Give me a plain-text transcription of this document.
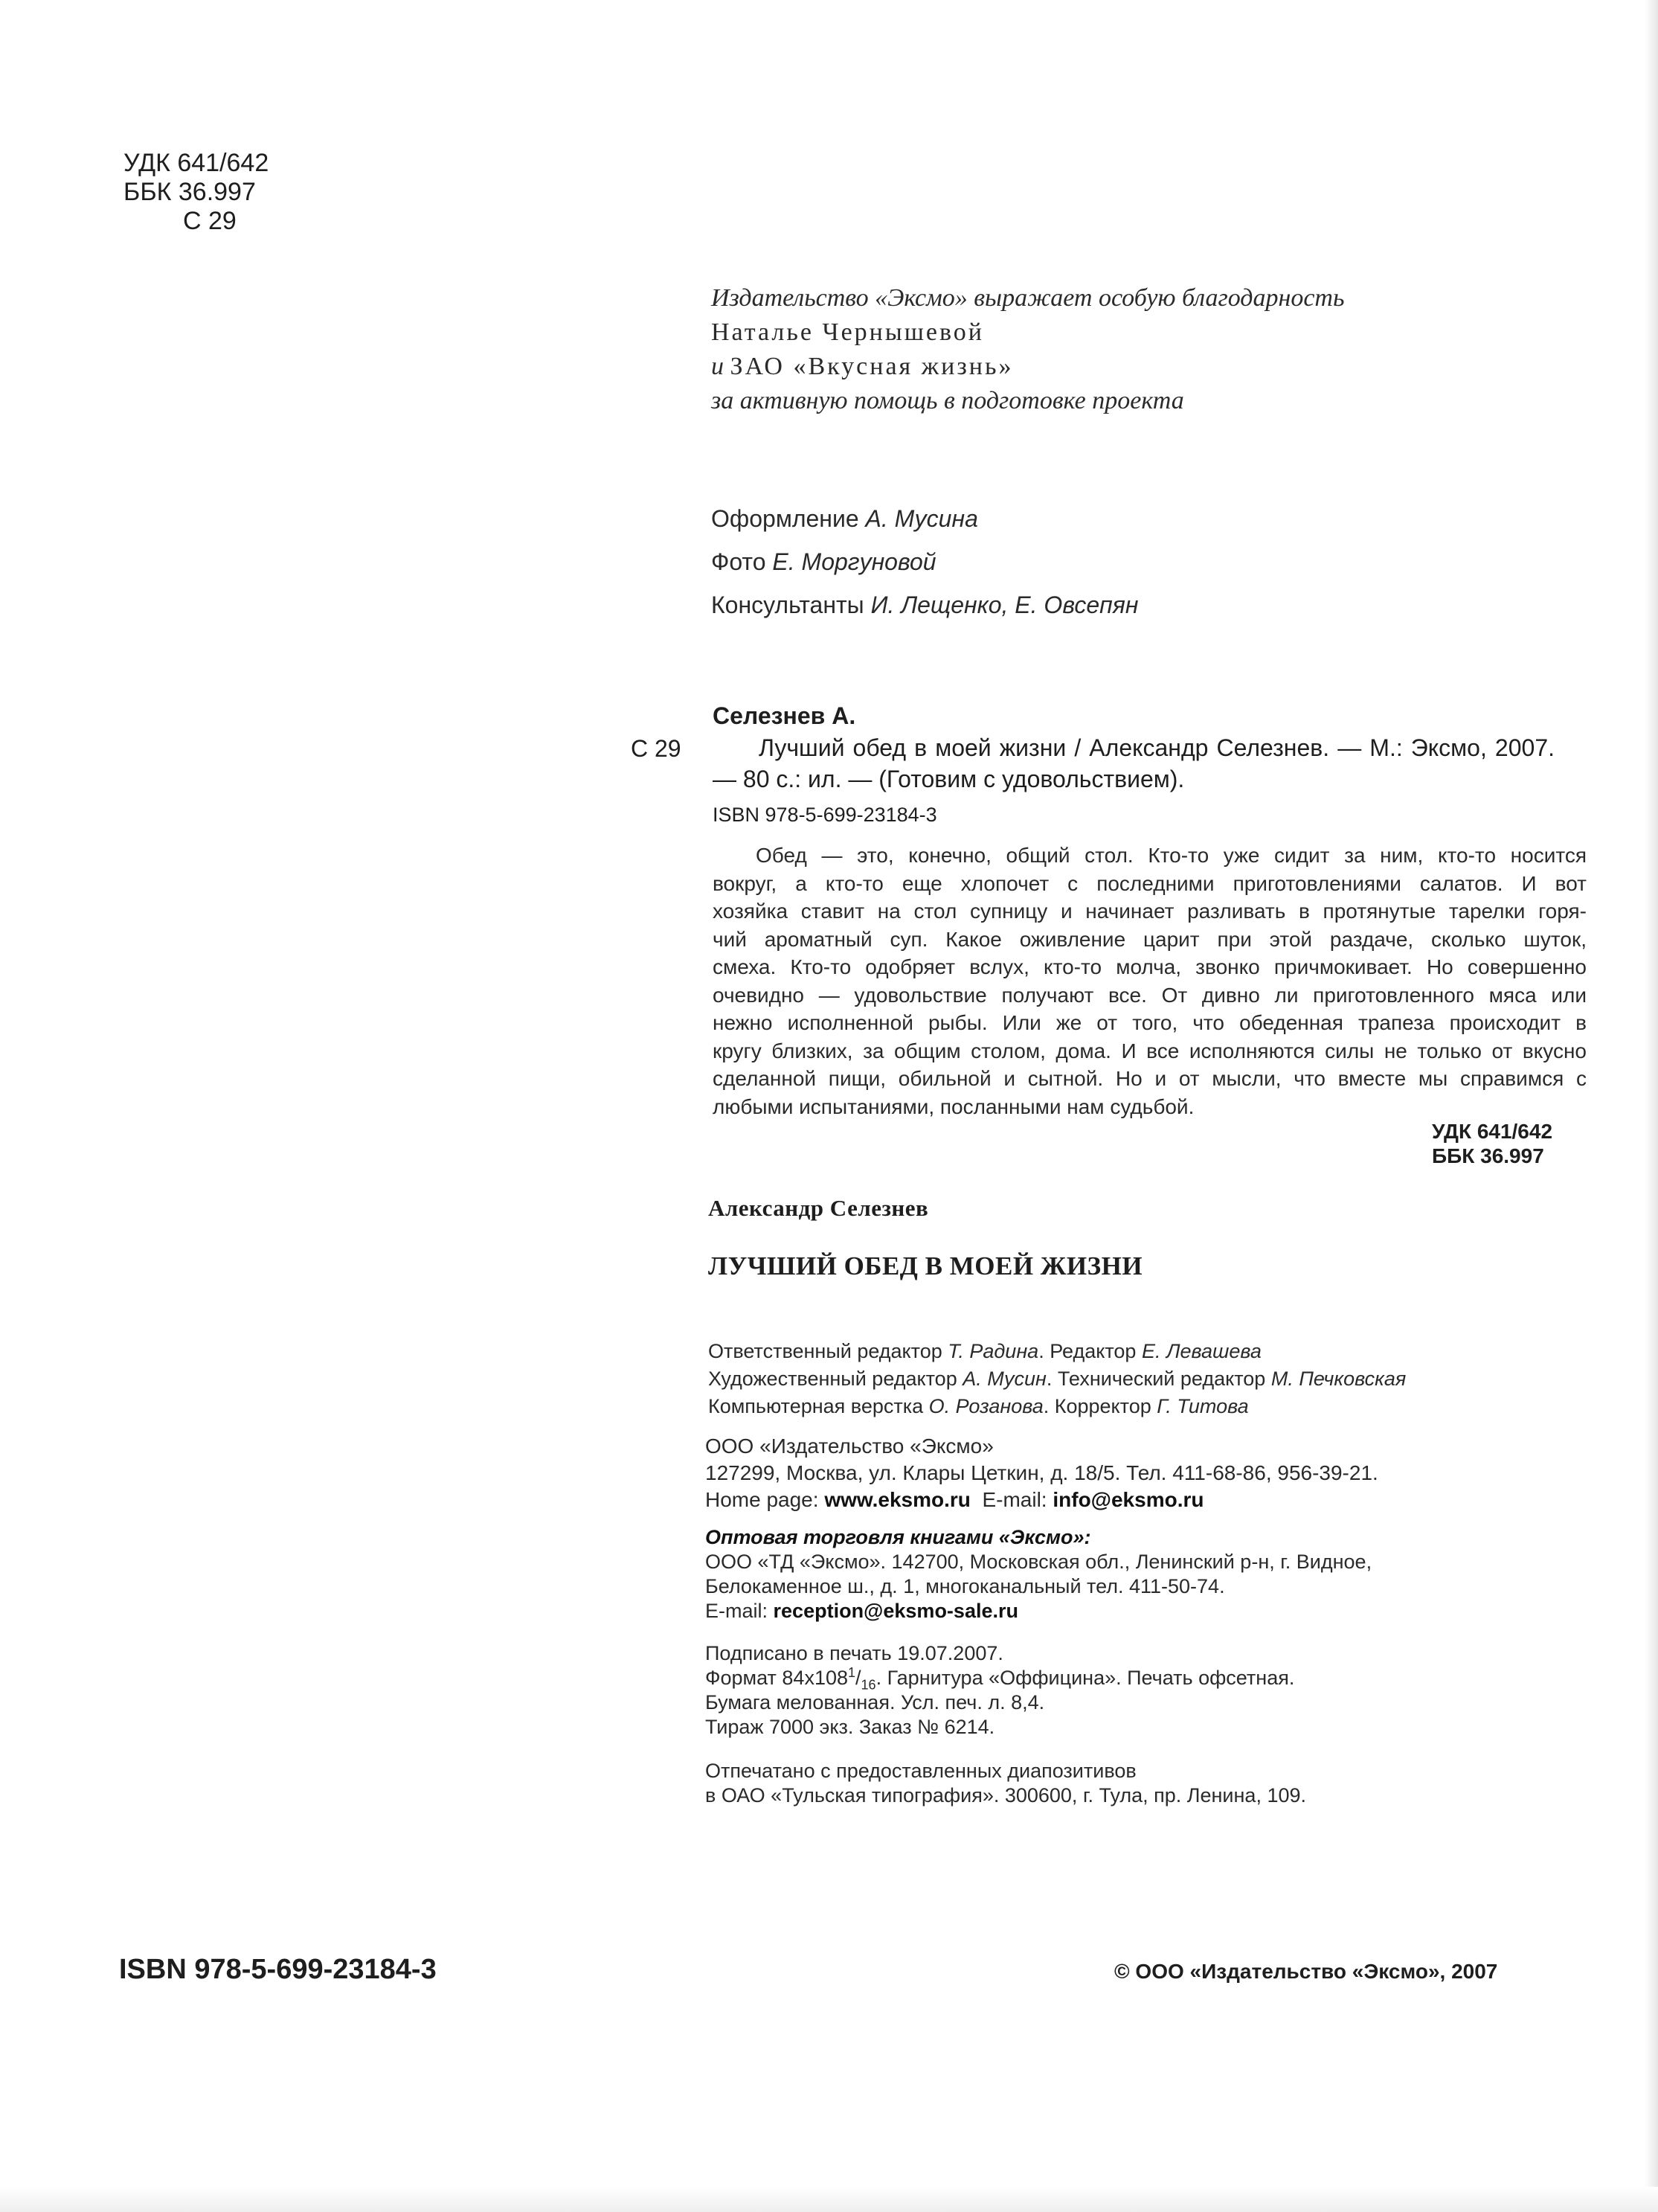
УДК 641/642
ББК 36.997
С 29
Издательство «Эксмо» выражает особую благодарность
Наталье Чернышевой
и ЗАО «Вкусная жизнь»
за активную помощь в подготовке проекта
Оформление А. Мусина
Фото Е. Моргуновой
Консультанты И. Лещенко, Е. Овсепян
Селезнев А.
С 29	Лучший обед в моей жизни / Александр Селезнев. — М.: Эксмо, 2007. — 80 с.: ил. — (Готовим с удовольствием).
ISBN 978-5-699-23184-3
Обед — это, конечно, общий стол. Кто-то уже сидит за ним, кто-то носится
вокруг, а кто-то еще хлопочет с последними приготовлениями салатов. И вот
хозяйка ставит на стол супницу и начинает разливать в протянутые тарелки горя-
чий ароматный суп. Какое оживление царит при этой раздаче, сколько шуток,
смеха. Кто-то одобряет вслух, кто-то молча, звонко причмокивает. Но совершенно
очевидно — удовольствие получают все. От дивно ли приготовленного мяса или
нежно исполненной рыбы. Или же от того, что обеденная трапеза происходит в
кругу близких, за общим столом, дома. И все исполняются силы не только от вкусно
сделанной пищи, обильной и сытной. Но и от мысли, что вместе мы справимся с
любыми испытаниями, посланными нам судьбой.
УДК 641/642
ББК 36.997
Александр Селезнев
ЛУЧШИЙ ОБЕД В МОЕЙ ЖИЗНИ
Ответственный редактор Т. Радина. Редактор Е. Левашева
Художественный редактор А. Мусин. Технический редактор М. Печковская
Компьютерная верстка О. Розанова. Корректор Г. Титова
ООО «Издательство «Эксмо»
127299, Москва, ул. Клары Цеткин, д. 18/5. Тел. 411-68-86, 956-39-21.
Home page: www.eksmo.ru E-mail: info@eksmo.ru
Оптовая торговля книгами «Эксмо»:
ООО «ТД «Эксмо». 142700, Московская обл., Ленинский р-н, г. Видное,
Белокаменное ш., д. 1, многоканальный тел. 411-50-74.
E-mail: reception@eksmo-sale.ru
Подписано в печать 19.07.2007.
Формат $84x108^1/_{16}$. Гарнитура «Оффицина». Печать офсетная.
Бумага мелованная. Усл. печ. л. 8,4.
Тираж 7000 экз. Заказ № 6214.
Отпечатано с предоставленных диапозитивов
в ОАО «Тульская типография». 300600, г. Тула, пр. Ленина, 109.
ISBN 978-5-699-23184-3	© ООО «Издательство «Эксмо», 2007
